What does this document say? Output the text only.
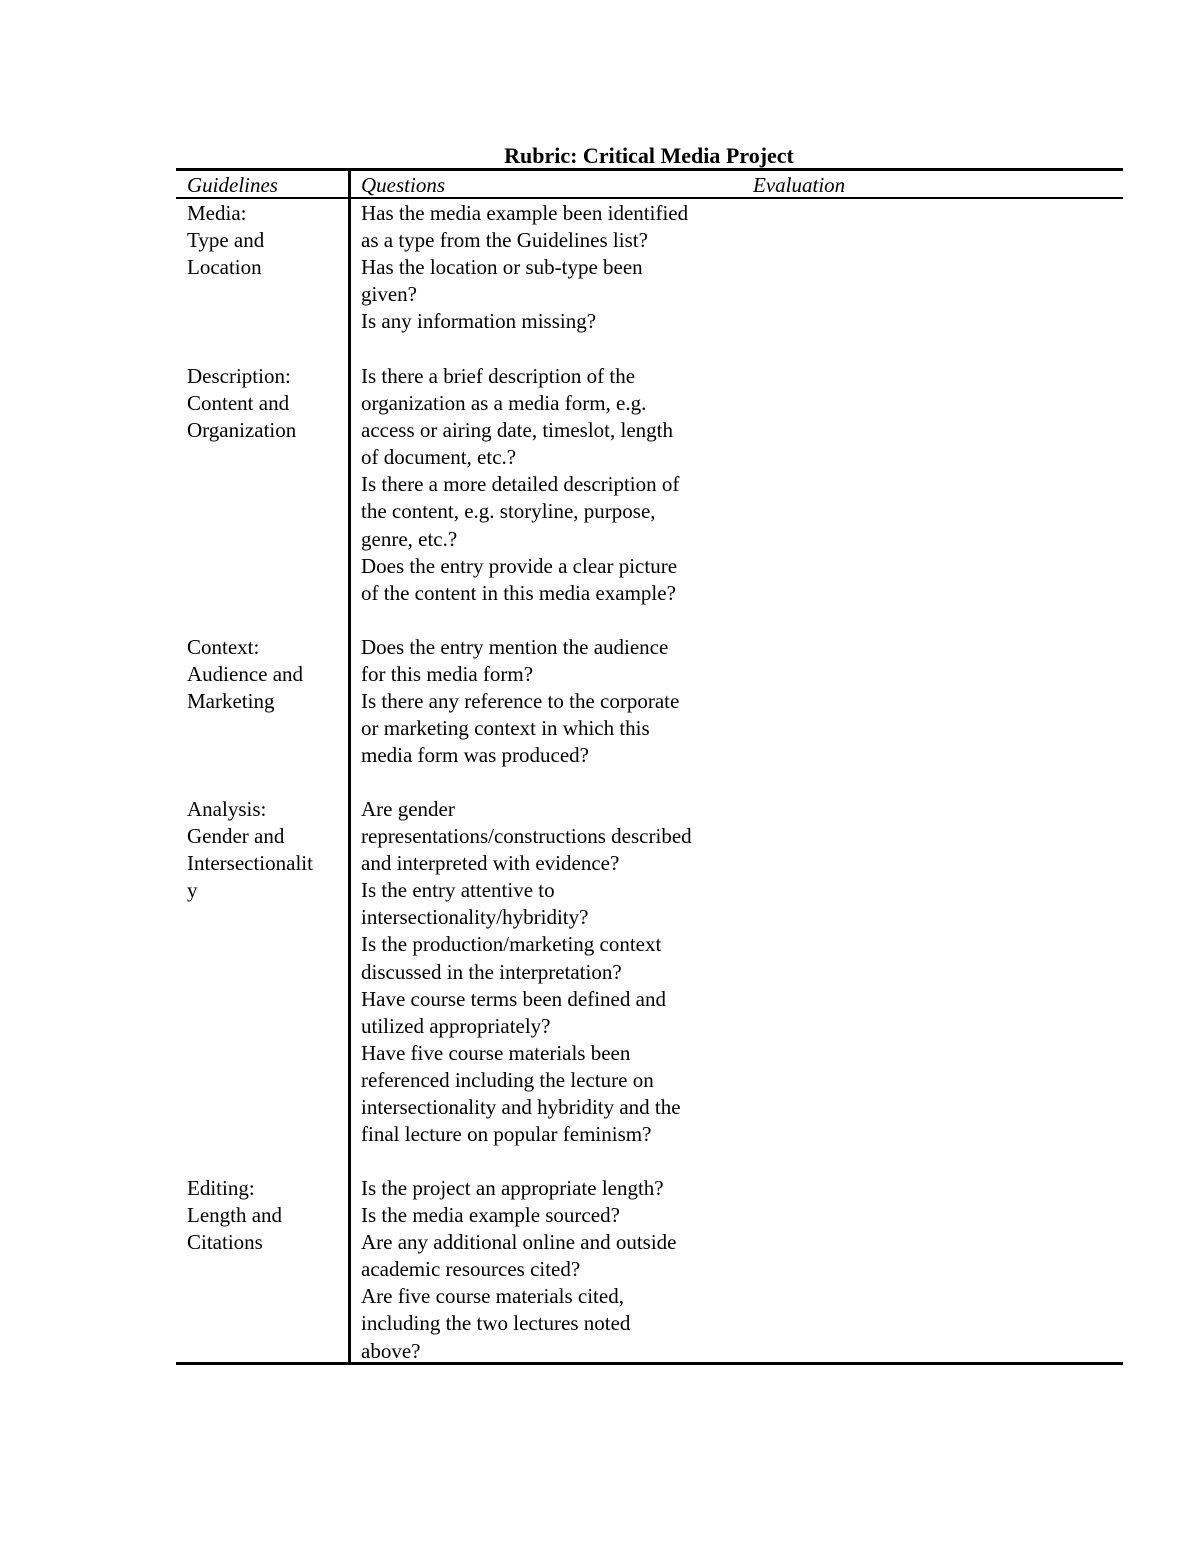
Rubric: Critical Media Project
Guidelines	Questions	Evaluation
Media:
Type and
Location
Has the media example been identified
as a type from the Guidelines list?
Has the location or sub-type been
given?
Is any information missing?
Description:
Content and
Organization
Is there a brief description of the
organization as a media form, e.g.
access or airing date, timeslot, length
of document, etc.?
Is there a more detailed description of
the content, e.g. storyline, purpose,
genre, etc.?
Does the entry provide a clear picture
of the content in this media example?
Context:
Audience and
Marketing
Does the entry mention the audience
for this media form?
Is there any reference to the corporate
or marketing context in which this
media form was produced?
Analysis:
Gender and
Intersectionalit
y
Are gender
representations/constructions described
and interpreted with evidence?
Is the entry attentive to
intersectionality/hybridity?
Is the production/marketing context
discussed in the interpretation?
Have course terms been defined and
utilized appropriately?
Have five course materials been
referenced including the lecture on
intersectionality and hybridity and the
final lecture on popular feminism?
Editing:
Length and
Citations
Is the project an appropriate length?
Is the media example sourced?
Are any additional online and outside
academic resources cited?
Are five course materials cited,
including the two lectures noted
above?
